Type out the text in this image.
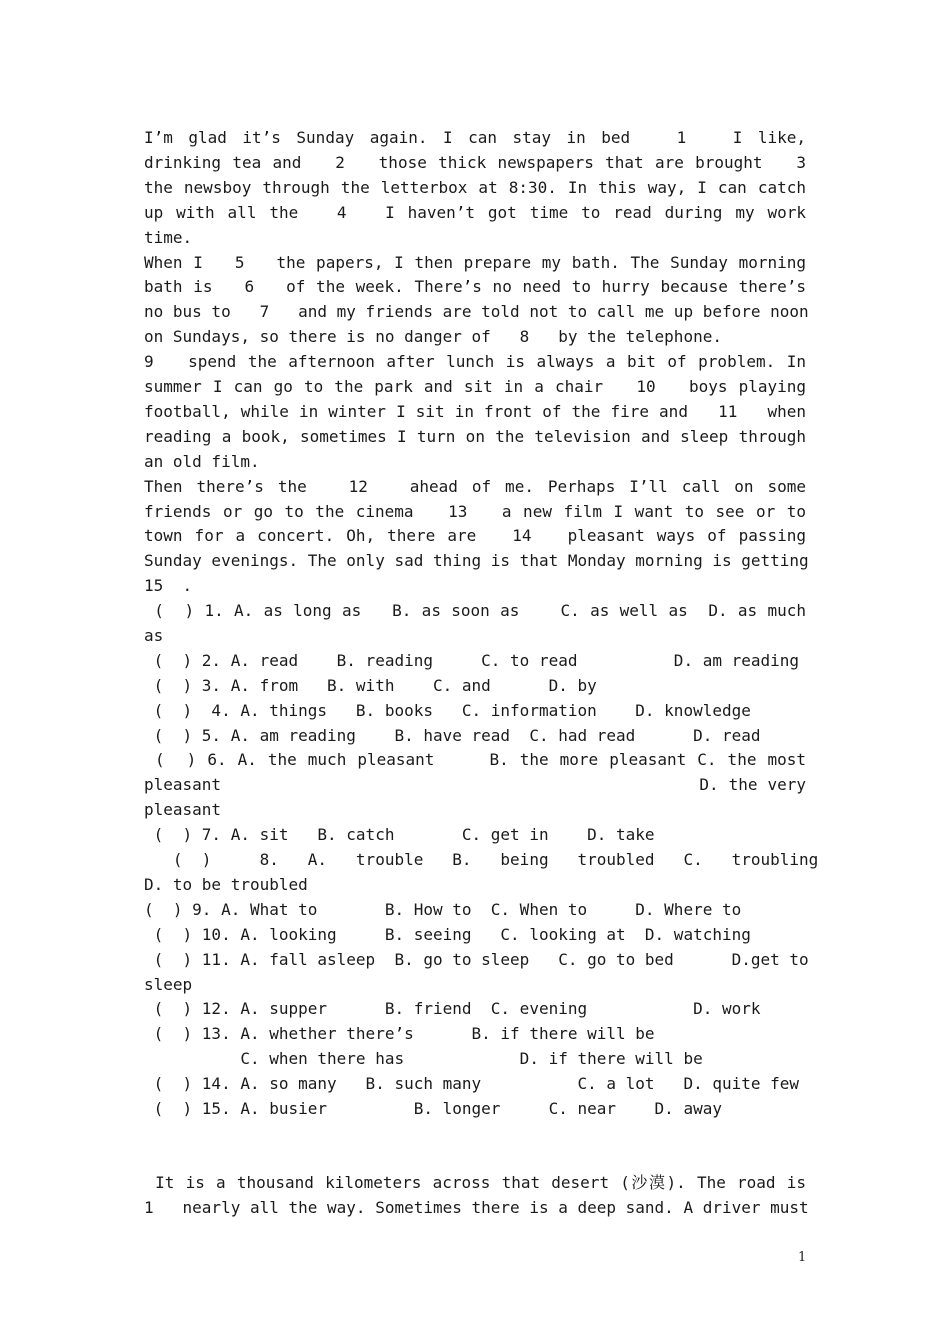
I’m glad it’s Sunday again. I can stay in bed   1   I like,
drinking tea and   2   those thick newspapers that are brought   3
the newsboy through the letterbox at 8:30. In this way, I can catch
up with all the   4   I haven’t got time to read during my work
time.
When I   5   the papers, I then prepare my bath. The Sunday morning
bath is   6   of the week. There’s no need to hurry because there’s
no bus to   7   and my friends are told not to call me up before noon
on Sundays, so there is no danger of   8   by the telephone.
9   spend the afternoon after lunch is always a bit of problem. In
summer I can go to the park and sit in a chair   10   boys playing
football, while in winter I sit in front of the fire and   11   when
reading a book, sometimes I turn on the television and sleep through
an old film.
Then there’s the   12   ahead of me. Perhaps I’ll call on some
friends or go to the cinema   13   a new film I want to see or to
town for a concert. Oh, there are   14   pleasant ways of passing
Sunday evenings. The only sad thing is that Monday morning is getting
15  .
(  ) 1. A. as long as   B. as soon as    C. as well as  D. as much
as
(  ) 2. A. read    B. reading     C. to read          D. am reading
(  ) 3. A. from   B. with    C. and      D. by
(  )  4. A. things   B. books   C. information    D. knowledge
(  ) 5. A. am reading    B. have read  C. had read      D. read
(  ) 6. A. the much pleasant     B. the more pleasant C. the most
pleasant                                                D. the very
pleasant
(  ) 7. A. sit   B. catch       C. get in    D. take
(  )     8.   A.   trouble   B.   being   troubled   C.   troubling
D. to be troubled
(  ) 9. A. What to       B. How to  C. When to     D. Where to
(  ) 10. A. looking     B. seeing   C. looking at  D. watching
(  ) 11. A. fall asleep  B. go to sleep   C. go to bed      D.get to
sleep
(  ) 12. A. supper      B. friend  C. evening           D. work
(  ) 13. A. whether there’s      B. if there will be
C. when there has            D. if there will be
(  ) 14. A. so many   B. such many          C. a lot   D. quite few
(  ) 15. A. busier         B. longer     C. near    D. away
It is a thousand kilometers across that desert (沙漠). The road is
1   nearly all the way. Sometimes there is a deep sand. A driver must
1
